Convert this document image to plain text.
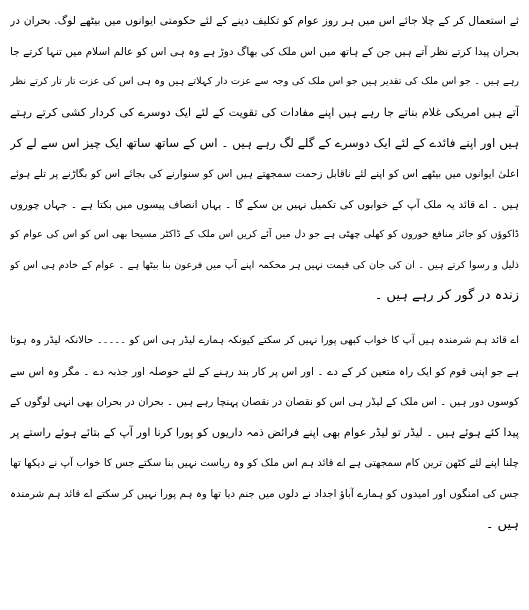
ئے استعمال کر کے چلا جائے اس میں ہر روز عوام کو تکلیف دینے کے لئے حکومتی ایوانوں میں بیٹھے لوگ. بحران در
بحران پیدا کرتے نظر آتے ہیں جن کے ہاتھ میں اس ملک کی بھاگ دوڑ ہے وہ ہی اس کو عالم اسلام میں تنہا کرتے جا
رہے ہیں ۔ جو اس ملک کی تقدیر ہیں جو اس ملک کی وجہ سے عزت دار کہلاتے ہیں وہ ہی اس کی عزت تار تار کرتے نظر
آتے ہیں امریکی غلام بناتے جا رہے ہیں اپنے مفادات کی تقویت کے لئے ایک دوسرے کی کردار کشی کرتے رہتے
ہیں اور اپنے فائدے کے لئے ایک دوسرے کے گلے لگ رہے ہیں ۔ اس کے ساتھ ساتھ ایک چیز اس سے لے کر
اعلیٰ ایوانوں میں بیٹھے اس کو اپنے لئے ناقابل زحمت سمجھتے ہیں اس کو سنوارنے کی بجائے اس کو بگاڑنے پر تلے ہوئے
ہیں ۔ اے قائد یہ ملک آپ کے خوابوں کی تکمیل نہیں بن سکے گا ۔ یہاں انصاف پیسوں میں بکتا ہے ۔ جہاں چوروں
ڈاکوؤں کو جائز منافع خوروں کو کھلی چھٹی ہے جو دل میں آئے کریں اس ملک کے ڈاکٹر مسیحا بھی اس کو اس کی عوام کو
ذلیل و رسوا کرتے ہیں ۔ ان کی جان کی قیمت نہیں ہر محکمہ اپنے آپ میں فرعون بنا بیٹھا ہے ۔ عوام کے خادم ہی اس کو
زندہ در گور کر رہے ہیں ۔
اے قائد ہم شرمندہ ہیں آپ کا خواب کبھی پورا نہیں کر سکتے کیونکہ ہمارے لیڈر ہی اس کو ۔۔۔۔۔ حالانکہ لیڈر وہ ہوتا
ہے جو اپنی قوم کو ایک راہ متعین کر کے دے ۔ اور اس پر کار بند رہنے کے لئے حوصلہ اور جذبہ دے ۔ مگر وہ اس سے
کوسوں دور ہیں ۔ اس ملک کے لیڈر ہی اس کو نقصان در نقصان پہنچا رہے ہیں ۔ بحران در بحران بھی انہی لوگوں کے
پیدا کئے ہوئے ہیں ۔ لیڈر تو لیڈر عوام بھی اپنے فرائض ذمہ داریوں کو پورا کرنا اور آپ کے بتائے ہوئے راستے پر
چلنا اپنے لئے کٹھن ترین کام سمجھتی ہے اے قائد ہم اس ملک کو وہ ریاست نہیں بنا سکتے جس کا خواب آپ نے دیکھا تھا
جس کی امنگوں اور امیدوں کو ہمارے آباؤ اجداد نے دلوں میں جنم دیا تھا وہ ہم پورا نہیں کر سکتے اے قائد ہم شرمندہ
ہیں ۔
